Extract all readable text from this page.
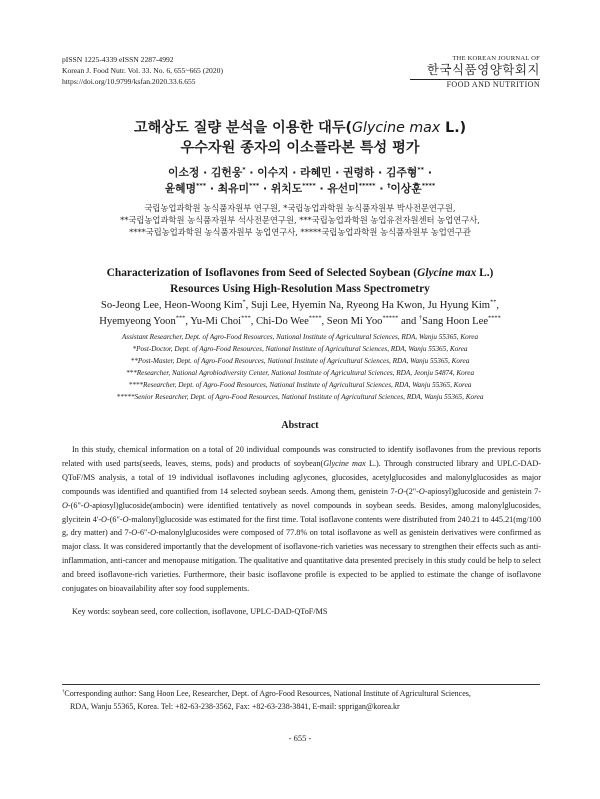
pISSN 1225-4339 eISSN 2287-4992
Korean J. Food Nutr. Vol. 33. No. 6, 655~665 (2020)
https://doi.org/10.9799/ksfan.2020.33.6.655
THE KOREAN JOURNAL OF
한국식품영양학회지
FOOD AND NUTRITION
고해상도 질량 분석을 이용한 대두(Glycine max L.)
우수자원 종자의 이소플라본 특성 평가
이소정 · 김헌웅* · 이수지 · 라혜민 · 권령하 · 김주형** ·
윤혜명*** · 최유미*** · 위치도**** · 유선미***** · †이상훈****
국립농업과학원 농식품자원부 연구원, *국립농업과학원 농식품자원부 박사전문연구원,
**국립농업과학원 농식품자원부 석사전문연구원, ***국립농업과학원 농업유전자원센터 농업연구사,
****국립농업과학원 농식품자원부 농업연구사, *****국립농업과학원 농식품자원부 농업연구관
Characterization of Isoflavones from Seed of Selected Soybean (Glycine max L.)
Resources Using High-Resolution Mass Spectrometry
So-Jeong Lee, Heon-Woong Kim*, Suji Lee, Hyemin Na, Ryeong Ha Kwon, Ju Hyung Kim**,
Hyemyeong Yoon***, Yu-Mi Choi***, Chi-Do Wee****, Seon Mi Yoo***** and †Sang Hoon Lee****
Assistant Researcher, Dept. of Agro-Food Resources, National Institute of Agricultural Sciences, RDA, Wanju 55365, Korea
*Post-Doctor, Dept. of Agro-Food Resources, National Institute of Agricultural Sciences, RDA, Wanju 55365, Korea
**Post-Master, Dept. of Agro-Food Resources, National Institute of Agricultural Sciences, RDA, Wanju 55365, Korea
***Researcher, National Agrobiodiversity Center, National Institute of Agricultural Sciences, RDA, Jeonju 54874, Korea
****Researcher, Dept. of Agro-Food Resources, National Institute of Agricultural Sciences, RDA, Wanju 55365, Korea
*****Senior Researcher, Dept. of Agro-Food Resources, National Institute of Agricultural Sciences, RDA, Wanju 55365, Korea
Abstract
In this study, chemical information on a total of 20 individual compounds was constructed to identify isoflavones from the previous reports related with used parts(seeds, leaves, stems, pods) and products of soybean(Glycine max L.). Through constructed library and UPLC-DAD-QToF/MS analysis, a total of 19 individual isoflavones including aglycones, glucosides, acetylglucosides and malonylglucosides as major compounds was identified and quantified from 14 selected soybean seeds. Among them, genistein 7-O-(2"-O-apiosyl)glucoside and genistein 7-O-(6"-O-apiosyl)glucoside(ambocin) were identified tentatively as novel compounds in soybean seeds. Besides, among malonylglucosides, glycitein 4'-O-(6"-O-malonyl)glucoside was estimated for the first time. Total isoflavone contents were distributed from 240.21 to 445.21(mg/100 g, dry matter) and 7-O-6"-O-malonylglucosides were composed of 77.8% on total isoflavone as well as genistein derivatives were confirmed as major class. It was considered importantly that the development of isoflavone-rich varieties was necessary to strengthen their effects such as anti-inflammation, anti-cancer and menopause mitigation. The qualitative and quantitative data presented precisely in this study could be help to select and breed isoflavone-rich varieties. Furthermore, their basic isoflavone profile is expected to be applied to estimate the change of isoflavone conjugates on bioavailability after soy food supplements.
Key words: soybean seed, core collection, isoflavone, UPLC-DAD-QToF/MS
†Corresponding author: Sang Hoon Lee, Researcher, Dept. of Agro-Food Resources, National Institute of Agricultural Sciences,
RDA, Wanju 55365, Korea. Tel: +82-63-238-3562, Fax: +82-63-238-3841, E-mail: spprigan@korea.kr
- 655 -
